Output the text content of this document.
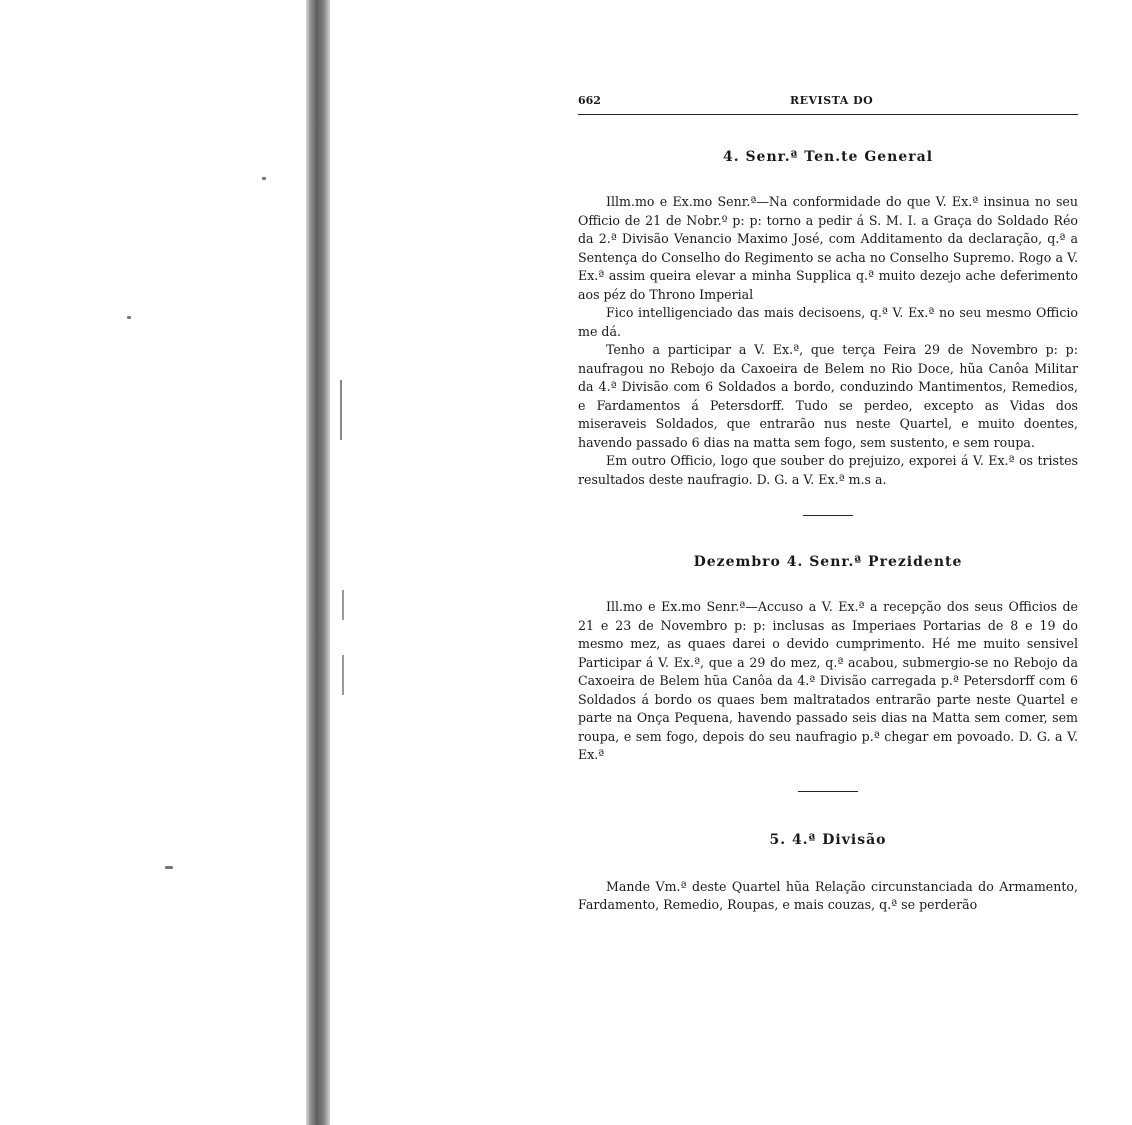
662	REVISTA DO
4. Senr.ª Ten.te General

Illm.mo e Ex.mo Senr.ª—Na conformidade do que V. Ex.ª insinua no seu Officio de 21 de Nobr.º p: p: torno a pedir á S. M. I. a Graça do Soldado Réo da 2.ª Divisão Venancio Maximo José, com Additamento da declaração, q.ª a Sentença do Conselho do Regimento se acha no Conselho Supremo. Rogo a V. Ex.ª assim queira elevar a minha Supplica q.ª muito dezejo ache deferimento aos péz do Throno Imperial

Fico intelligenciado das mais decisoens, q.ª V. Ex.ª no seu mesmo Officio me dá.

Tenho a participar a V. Ex.ª, que terça Feira 29 de Novembro p: p: naufragou no Rebojo da Caxoeira de Belem no Rio Doce, hũa Canôa Militar da 4.ª Divisão com 6 Soldados a bordo, conduzindo Mantimentos, Remedios, e Fardamentos á Petersdorff. Tudo se perdeo, excepto as Vidas dos miseraveis Soldados, que entrarão nus neste Quartel, e muito doentes, havendo passado 6 dias na matta sem fogo, sem sustento, e sem roupa.

Em outro Officio, logo que souber do prejuizo, exporei á V. Ex.ª os tristes resultados deste naufragio. D. G. a V. Ex.ª m.s a.

Dezembro 4. Senr.ª Prezidente

Ill.mo e Ex.mo Senr.ª—Accuso a V. Ex.ª a recepção dos seus Officios de 21 e 23 de Novembro p: p: inclusas as Imperiaes Portarias de 8 e 19 do mesmo mez, as quaes darei o devido cumprimento. Hé me muito sensivel Participar á V. Ex.ª, que a 29 do mez, q.ª acabou, submergio-se no Rebojo da Caxoeira de Belem hũa Canôa da 4.ª Divisão carregada p.ª Petersdorff com 6 Soldados á bordo os quaes bem maltratados entrarão parte neste Quartel e parte na Onça Pequena, havendo passado seis dias na Matta sem comer, sem roupa, e sem fogo, depois do seu naufragio p.ª chegar em povoado. D. G. a V. Ex.ª

5. 4.ª Divisão

Mande Vm.ª deste Quartel hũa Relação circunstanciada do Armamento, Fardamento, Remedio, Roupas, e mais couzas, q.ª se perderão
